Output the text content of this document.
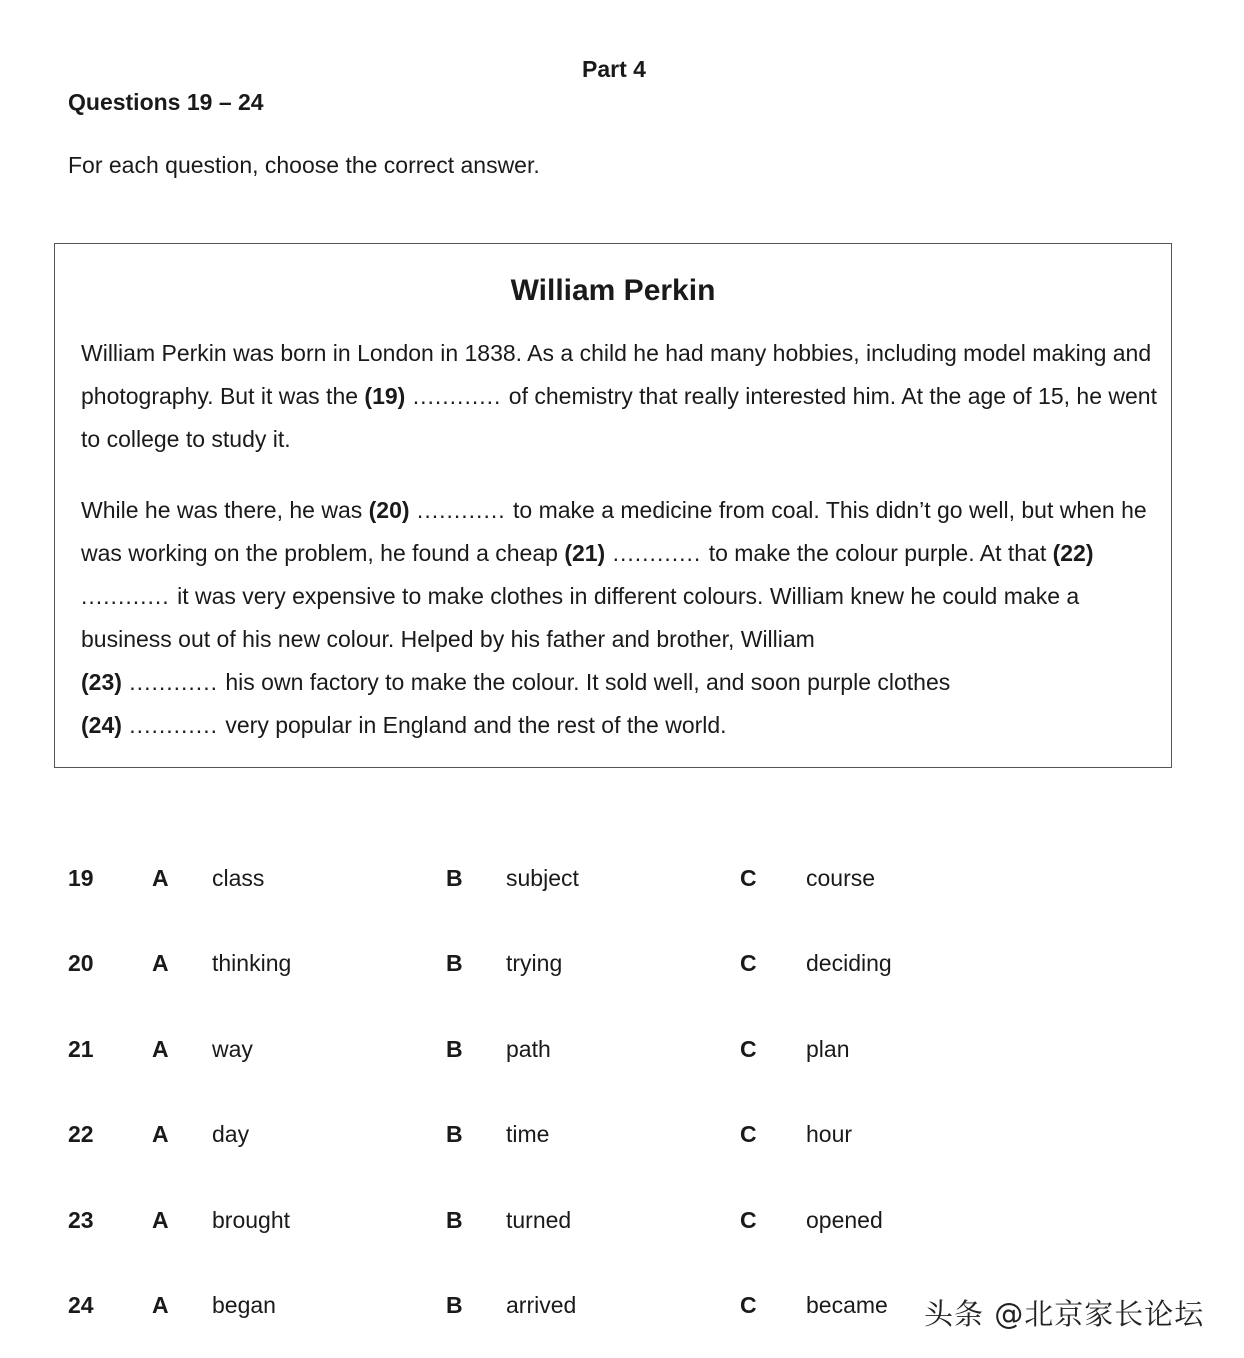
Part 4
Questions 19 – 24
For each question, choose the correct answer.
William Perkin

William Perkin was born in London in 1838. As a child he had many hobbies, including model making and photography. But it was the (19) ............ of chemistry that really interested him. At the age of 15, he went to college to study it.

While he was there, he was (20) ............ to make a medicine from coal. This didn’t go well, but when he was working on the problem, he found a cheap (21) ............ to make the colour purple. At that (22) ............ it was very expensive to make clothes in different colours. William knew he could make a business out of his new colour. Helped by his father and brother, William
(23) ............ his own factory to make the colour. It sold well, and soon purple clothes
(24) ............ very popular in England and the rest of the world.

19	A class	B subject	C course
20	A thinking	B trying	C deciding
21	A way	B path	C plan
22	A day	B time	C hour
23	A brought	B turned	C opened
24	A began	B arrived	C became 头条 @北京家长论坛
